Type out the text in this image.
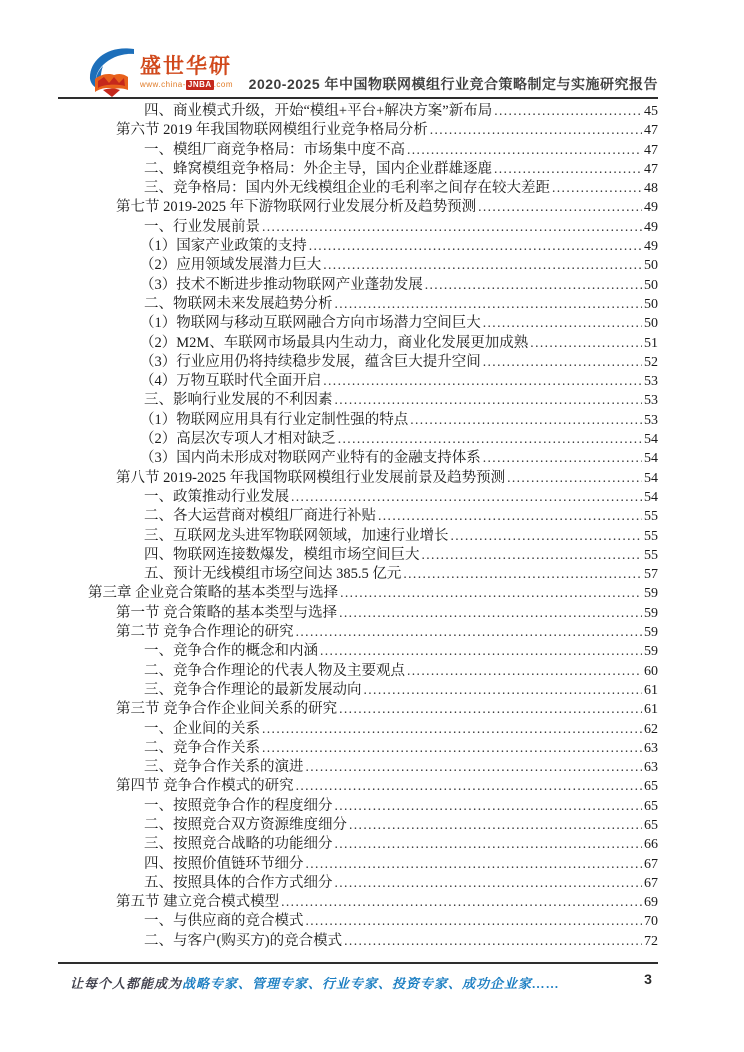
盛世华研
www.china- JNBA .com 2020-2025 年中国物联网模组行业竞合策略制定与实施研究报告
四、商业模式升级，开始“模组+平台+解决方案”新布局 .....	45
第六节 2019 年我国物联网模组行业竞争格局分析 .....	47
一、模组厂商竞争格局：市场集中度不高 .....	47
二、蜂窝模组竞争格局：外企主导，国内企业群雄逐鹿 .....	47
三、竞争格局：国内外无线模组企业的毛利率之间存在较大差距 .....	48
第七节 2019-2025 年下游物联网行业发展分析及趋势预测 .....	49
一、行业发展前景 .....	49
（1）国家产业政策的支持 .....	49
（2）应用领域发展潜力巨大 .....	50
（3）技术不断进步推动物联网产业蓬勃发展 .....	50
二、物联网未来发展趋势分析 .....	50
（1）物联网与移动互联网融合方向市场潜力空间巨大 .....	50
（2）M2M、车联网市场最具内生动力，商业化发展更加成熟 .....	51
（3）行业应用仍将持续稳步发展，蕴含巨大提升空间 .....	52
（4）万物互联时代全面开启 .....	53
三、影响行业发展的不利因素 .....	53
（1）物联网应用具有行业定制性强的特点 .....	53
（2）高层次专项人才相对缺乏 .....	54
（3）国内尚未形成对物联网产业特有的金融支持体系 .....	54
第八节 2019-2025 年我国物联网模组行业发展前景及趋势预测 .....	54
一、政策推动行业发展 .....	54
二、各大运营商对模组厂商进行补贴 .....	55
三、互联网龙头进军物联网领域，加速行业增长 .....	55
四、物联网连接数爆发，模组市场空间巨大 .....	55
五、预计无线模组市场空间达 385.5 亿元 .....	57
第三章 企业竞合策略的基本类型与选择 .....	59
第一节 竞合策略的基本类型与选择 .....	59
第二节 竞争合作理论的研究 .....	59
一、竞争合作的概念和内涵 .....	59
二、竞争合作理论的代表人物及主要观点 .....	60
三、竞争合作理论的最新发展动向 .....	61
第三节 竞争合作企业间关系的研究 .....	61
一、企业间的关系 .....	62
二、竞争合作关系 .....	63
三、竞争合作关系的演进 .....	63
第四节 竞争合作模式的研究 .....	65
一、按照竞争合作的程度细分 .....	65
二、按照竞合双方资源维度细分 .....	65
三、按照竞合战略的功能细分 .....	66
四、按照价值链环节细分 .....	67
五、按照具体的合作方式细分 .....	67
第五节 建立竞合模式模型 .....	69
一、与供应商的竞合模式 .....	70
二、与客户(购买方)的竞合模式 .....	72
让每个人都能成为战略专家、管理专家、行业专家、投资专家、成功企业家……	3
